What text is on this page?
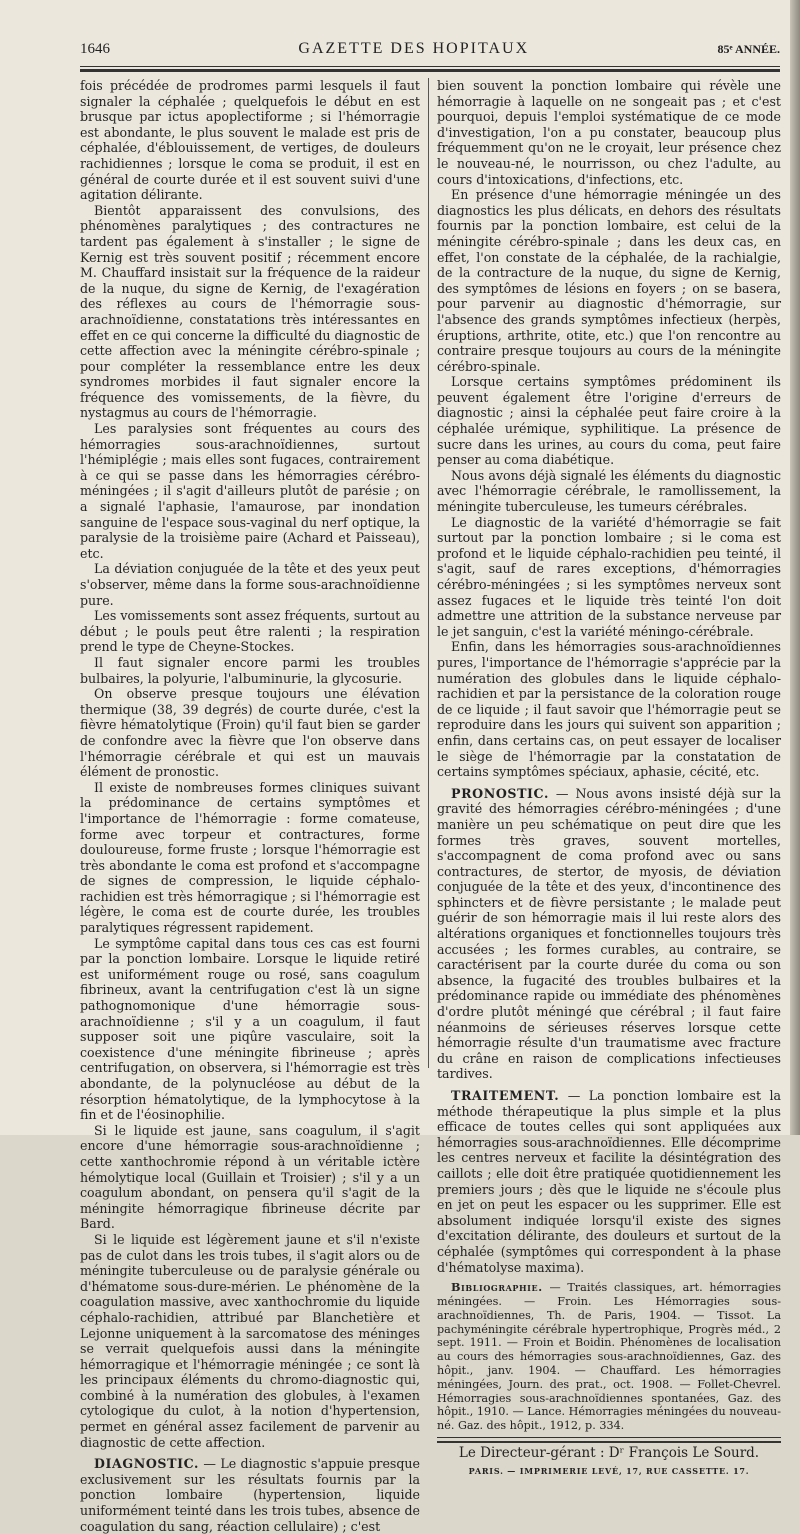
1646	GAZETTE DES HOPITAUX	85ᵉ ANNÉE.

fois précédée de prodromes parmi lesquels il faut signaler la céphalée ; quelquefois le début en est brusque par ictus apoplectiforme ; si l'hémorragie est abondante, le plus souvent le malade est pris de céphalée, d'éblouissement, de vertiges, de douleurs rachidiennes ; lorsque le coma se produit, il est en général de courte durée et il est souvent suivi d'une agitation délirante.

Bientôt apparaissent des convulsions, des phénomènes paralytiques ; des contractures ne tardent pas également à s'installer ; le signe de Kernig est très souvent positif ; récemment encore M. Chauffard insistait sur la fréquence de la raideur de la nuque, du signe de Kernig, de l'exagération des réflexes au cours de l'hémorragie sous-arachnoïdienne, constatations très intéressantes en effet en ce qui concerne la difficulté du diagnostic de cette affection avec la méningite cérébro-spinale ; pour compléter la ressemblance entre les deux syndromes morbides il faut signaler encore la fréquence des vomissements, de la fièvre, du nystagmus au cours de l'hémorragie.

Les paralysies sont fréquentes au cours des hémorragies sous-arachnoïdiennes, surtout l'hémiplégie ; mais elles sont fugaces, contrairement à ce qui se passe dans les hémorragies cérébro-méningées ; il s'agit d'ailleurs plutôt de parésie ; on a signalé l'aphasie, l'amaurose, par inondation sanguine de l'espace sous-vaginal du nerf optique, la paralysie de la troisième paire (Achard et Paisseau), etc.

La déviation conjuguée de la tête et des yeux peut s'observer, même dans la forme sous-arachnoïdienne pure.

Les vomissements sont assez fréquents, surtout au début ; le pouls peut être ralenti ; la respiration prend le type de Cheyne-Stockes.

Il faut signaler encore parmi les troubles bulbaires, la polyurie, l'albuminurie, la glycosurie.

On observe presque toujours une élévation thermique (38, 39 degrés) de courte durée, c'est la fièvre hématolytique (Froin) qu'il faut bien se garder de confondre avec la fièvre que l'on observe dans l'hémorragie cérébrale et qui est un mauvais élément de pronostic.

Il existe de nombreuses formes cliniques suivant la prédominance de certains symptômes et l'importance de l'hémorragie : forme comateuse, forme avec torpeur et contractures, forme douloureuse, forme fruste ; lorsque l'hémorragie est très abondante le coma est profond et s'accompagne de signes de compression, le liquide céphalo-rachidien est très hémorragique ; si l'hémorragie est légère, le coma est de courte durée, les troubles paralytiques régressent rapidement.

Le symptôme capital dans tous ces cas est fourni par la ponction lombaire. Lorsque le liquide retiré est uniformément rouge ou rosé, sans coagulum fibrineux, avant la centrifugation c'est là un signe pathognomonique d'une hémorragie sous-arachnoïdienne ; s'il y a un coagulum, il faut supposer soit une piqûre vasculaire, soit la coexistence d'une méningite fibrineuse ; après centrifugation, on observera, si l'hémorragie est très abondante, de la polynucléose au début de la résorption hématolytique, de la lymphocytose à la fin et de l'éosinophilie.

Si le liquide est jaune, sans coagulum, il s'agit encore d'une hémorragie sous-arachnoïdienne ; cette xanthochromie répond à un véritable ictère hémolytique local (Guillain et Troisier) ; s'il y a un coagulum abondant, on pensera qu'il s'agit de la méningite hémorragique fibrineuse décrite par Bard.

Si le liquide est légèrement jaune et s'il n'existe pas de culot dans les trois tubes, il s'agit alors ou de méningite tuberculeuse ou de paralysie générale ou d'hématome sous-dure-mérien. Le phénomène de la coagulation massive, avec xanthochromie du liquide céphalo-rachidien, attribué par Blanchetière et Lejonne uniquement à la sarcomatose des méninges se verrait quelquefois aussi dans la méningite hémorragique et l'hémorragie méningée ; ce sont là les principaux éléments du chromo-diagnostic qui, combiné à la numération des globules, à l'examen cytologique du culot, à la notion d'hypertension, permet en général assez facilement de parvenir au diagnostic de cette affection.

DIAGNOSTIC. — Le diagnostic s'appuie presque exclusivement sur les résultats fournis par la ponction lombaire (hypertension, liquide uniformément teinté dans les trois tubes, absence de coagulation du sang, réaction cellulaire) ; c'est

bien souvent la ponction lombaire qui révèle une hémorragie à laquelle on ne songeait pas ; et c'est pourquoi, depuis l'emploi systématique de ce mode d'investigation, l'on a pu constater, beaucoup plus fréquemment qu'on ne le croyait, leur présence chez le nouveau-né, le nourrisson, ou chez l'adulte, au cours d'intoxications, d'infections, etc.

En présence d'une hémorragie méningée un des diagnostics les plus délicats, en dehors des résultats fournis par la ponction lombaire, est celui de la méningite cérébro-spinale ; dans les deux cas, en effet, l'on constate de la céphalée, de la rachialgie, de la contracture de la nuque, du signe de Kernig, des symptômes de lésions en foyers ; on se basera, pour parvenir au diagnostic d'hémorragie, sur l'absence des grands symptômes infectieux (herpès, éruptions, arthrite, otite, etc.) que l'on rencontre au contraire presque toujours au cours de la méningite cérébro-spinale.

Lorsque certains symptômes prédominent ils peuvent également être l'origine d'erreurs de diagnostic ; ainsi la céphalée peut faire croire à la céphalée urémique, syphilitique. La présence de sucre dans les urines, au cours du coma, peut faire penser au coma diabétique.

Nous avons déjà signalé les éléments du diagnostic avec l'hémorragie cérébrale, le ramollissement, la méningite tuberculeuse, les tumeurs cérébrales.

Le diagnostic de la variété d'hémorragie se fait surtout par la ponction lombaire ; si le coma est profond et le liquide céphalo-rachidien peu teinté, il s'agit, sauf de rares exceptions, d'hémorragies cérébro-méningées ; si les symptômes nerveux sont assez fugaces et le liquide très teinté l'on doit admettre une attrition de la substance nerveuse par le jet sanguin, c'est la variété méningo-cérébrale.

Enfin, dans les hémorragies sous-arachnoïdiennes pures, l'importance de l'hémorragie s'apprécie par la numération des globules dans le liquide céphalo-rachidien et par la persistance de la coloration rouge de ce liquide ; il faut savoir que l'hémorragie peut se reproduire dans les jours qui suivent son apparition ; enfin, dans certains cas, on peut essayer de localiser le siège de l'hémorragie par la constatation de certains symptômes spéciaux, aphasie, cécité, etc.

PRONOSTIC. — Nous avons insisté déjà sur la gravité des hémorragies cérébro-méningées ; d'une manière un peu schématique on peut dire que les formes très graves, souvent mortelles, s'accompagnent de coma profond avec ou sans contractures, de stertor, de myosis, de déviation conjuguée de la tête et des yeux, d'incontinence des sphincters et de fièvre persistante ; le malade peut guérir de son hémorragie mais il lui reste alors des altérations organiques et fonctionnelles toujours très accusées ; les formes curables, au contraire, se caractérisent par la courte durée du coma ou son absence, la fugacité des troubles bulbaires et la prédominance rapide ou immédiate des phénomènes d'ordre plutôt méningé que cérébral ; il faut faire néanmoins de sérieuses réserves lorsque cette hémorragie résulte d'un traumatisme avec fracture du crâne en raison de complications infectieuses tardives.

TRAITEMENT. — La ponction lombaire est la méthode thérapeutique la plus simple et la plus efficace de toutes celles qui sont appliquées aux hémorragies sous-arachnoïdiennes. Elle décomprime les centres nerveux et facilite la désintégration des caillots ; elle doit être pratiquée quotidiennement les premiers jours ; dès que le liquide ne s'écoule plus en jet on peut les espacer ou les supprimer. Elle est absolument indiquée lorsqu'il existe des signes d'excitation délirante, des douleurs et surtout de la céphalée (symptômes qui correspondent à la phase d'hématolyse maxima).

Bibliographie. — Traités classiques, art. hémorragies méningées. — Froin. Les Hémorragies sous-arachnoïdiennes, Th. de Paris, 1904. — Tissot. La pachyméningite cérébrale hypertrophique, Progrès méd., 2 sept. 1911. — Froin et Boidin. Phénomènes de localisation au cours des hémorragies sous-arachnoïdiennes, Gaz. des hôpit., janv. 1904. — Chauffard. Les hémorragies méningées, Journ. des prat., oct. 1908. — Follet-Chevrel. Hémorragies sous-arachnoïdiennes spontanées, Gaz. des hôpit., 1910. — Lance. Hémorragies méningées du nouveau-né. Gaz. des hôpit., 1912, p. 334.

Le Directeur-gérant : Dʳ François Le Sourd.
PARIS. — IMPRIMERIE LEVÉ, 17, RUE CASSETTE. 17.
